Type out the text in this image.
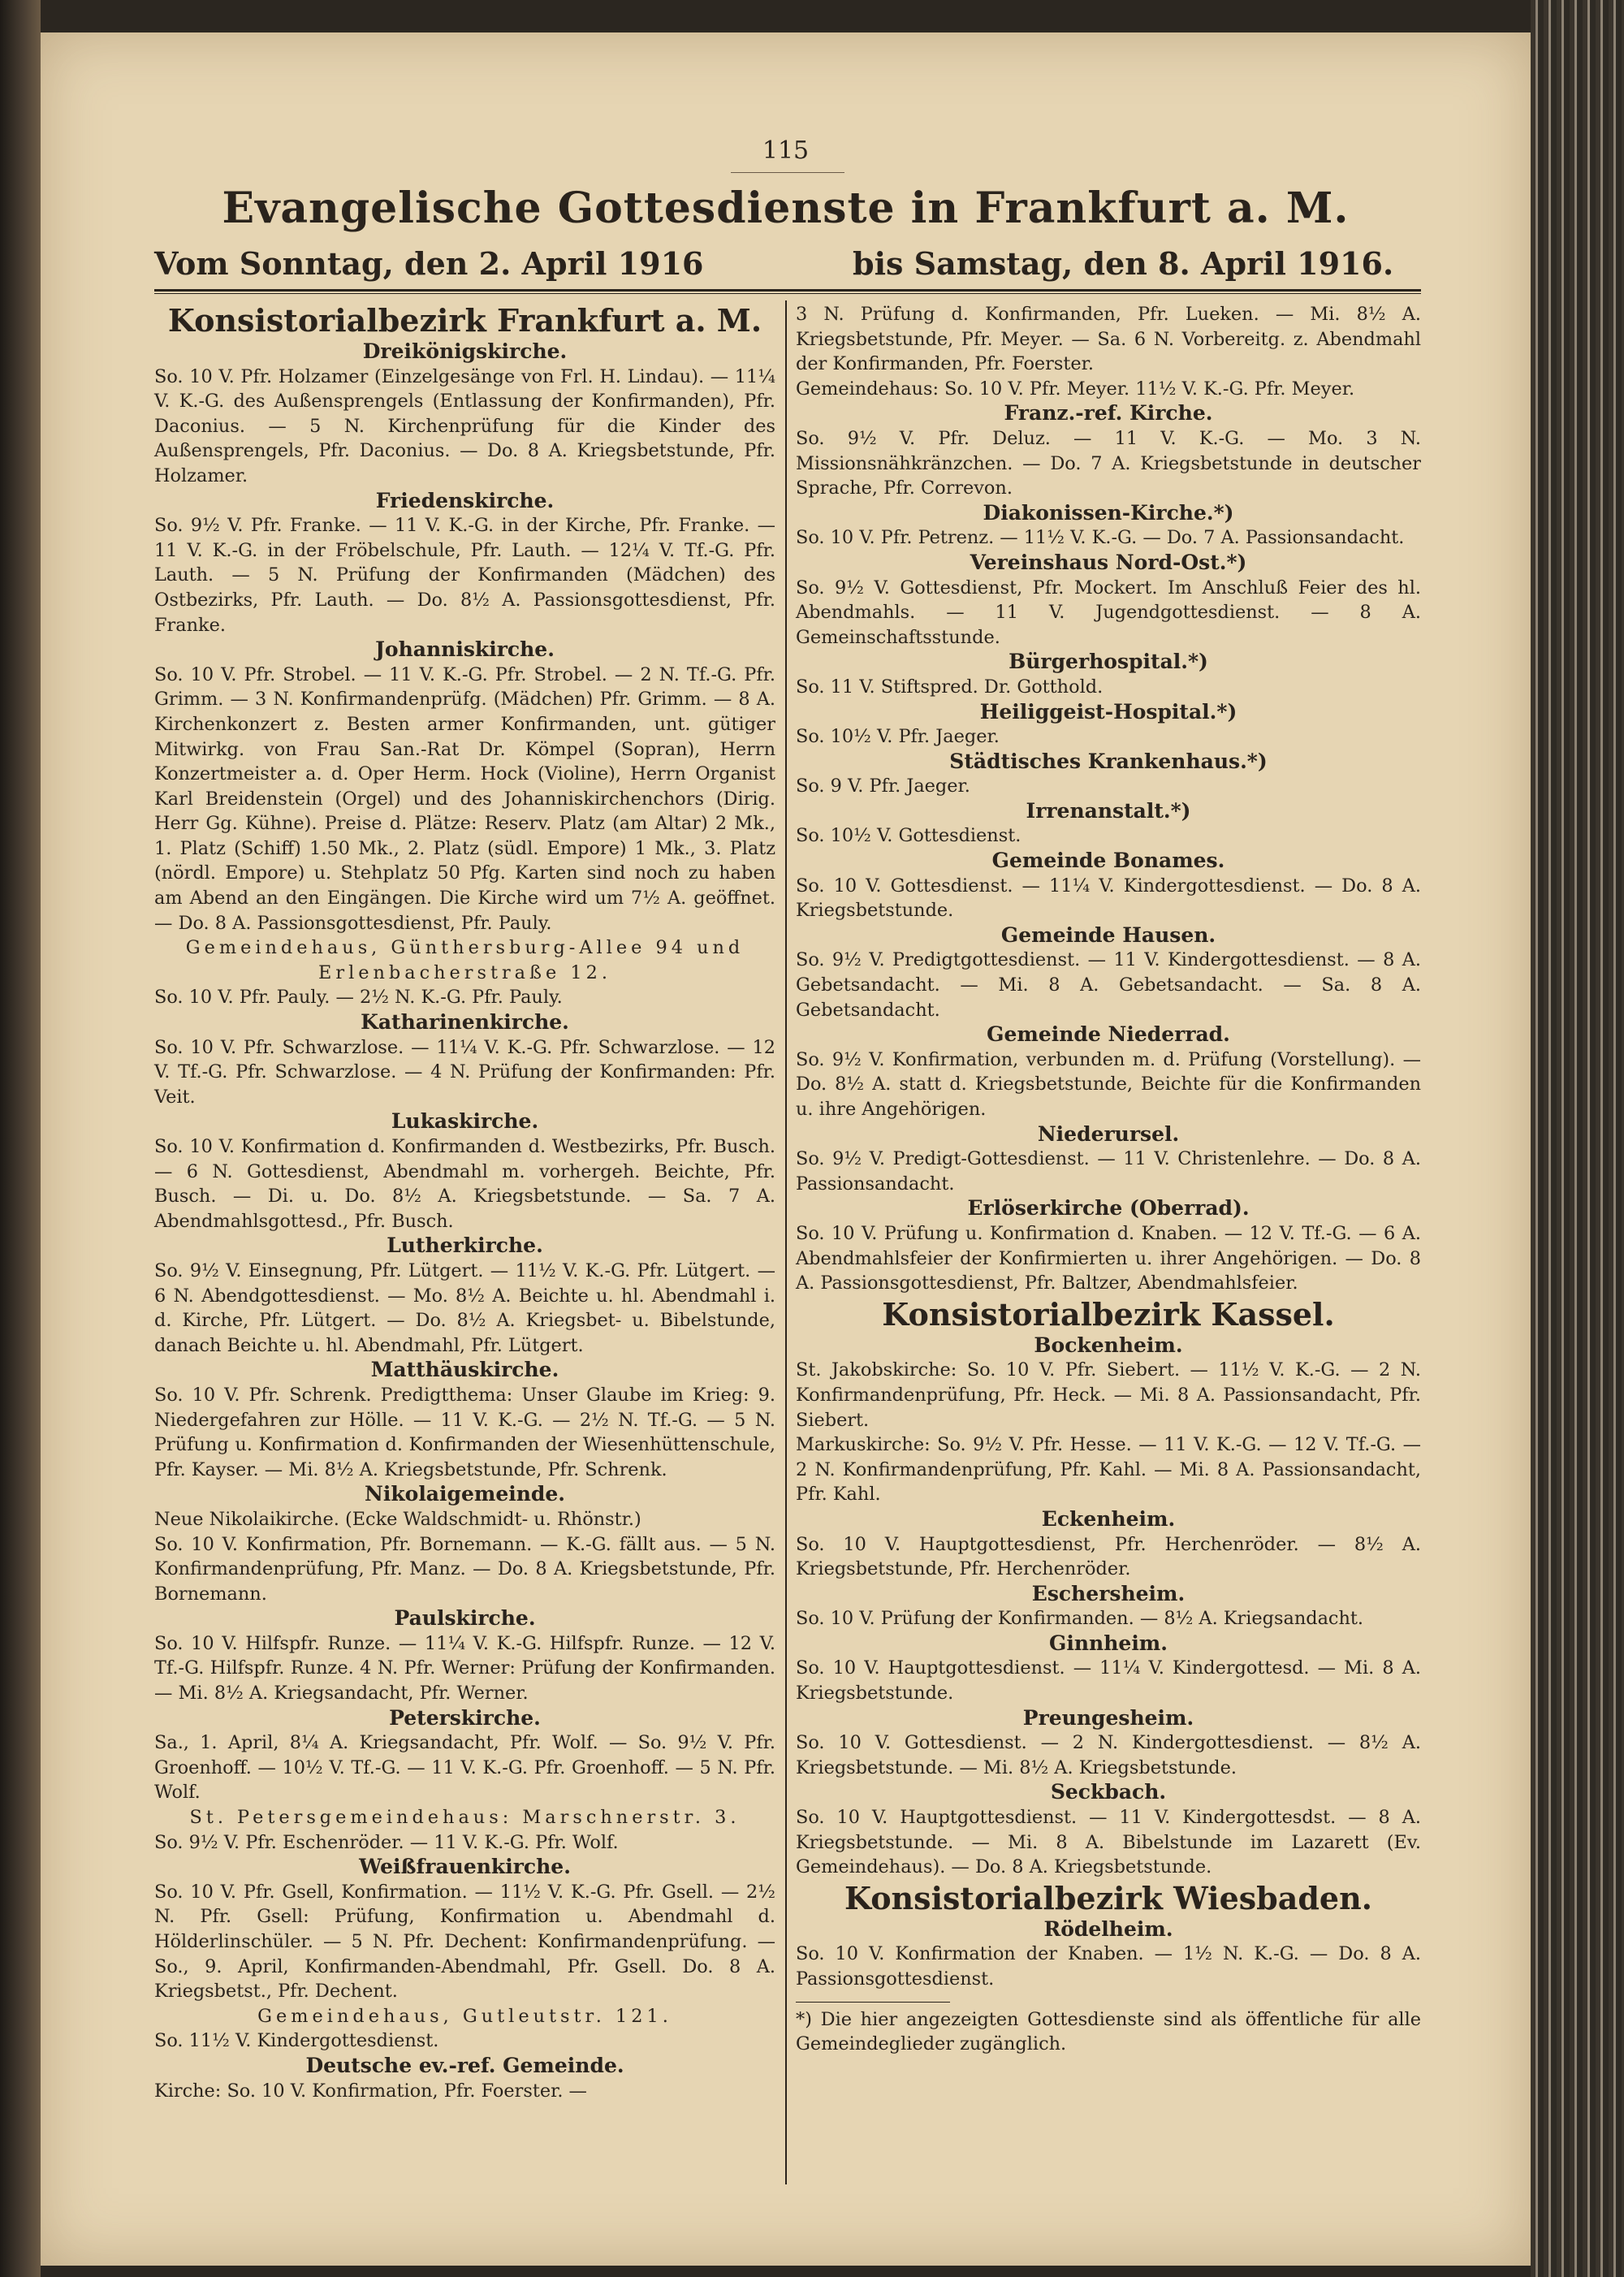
115
Evangelische Gottesdienste in Frankfurt a. M.
Vom Sonntag, den 2. April 1916	bis Samstag, den 8. April 1916.

Konsistorialbezirk Frankfurt a. M.

Dreikönigskirche.

So. 10 V. Pfr. Holzamer (Einzelgesänge von Frl. H. Lindau). — 11¼ V. K.-G. des Außensprengels (Entlassung der Konfirmanden), Pfr. Daconius. — 5 N. Kirchenprüfung für die Kinder des Außensprengels, Pfr. Daconius. — Do. 8 A. Kriegsbetstunde, Pfr. Holzamer.

Friedenskirche.

So. 9½ V. Pfr. Franke. — 11 V. K.-G. in der Kirche, Pfr. Franke. — 11 V. K.-G. in der Fröbelschule, Pfr. Lauth. — 12¼ V. Tf.-G. Pfr. Lauth. — 5 N. Prüfung der Konfirmanden (Mädchen) des Ostbezirks, Pfr. Lauth. — Do. 8½ A. Passionsgottesdienst, Pfr. Franke.

Johanniskirche.

So. 10 V. Pfr. Strobel. — 11 V. K.-G. Pfr. Strobel. — 2 N. Tf.-G. Pfr. Grimm. — 3 N. Konfirmandenprüfg. (Mädchen) Pfr. Grimm. — 8 A. Kirchenkonzert z. Besten armer Konfirmanden, unt. gütiger Mitwirkg. von Frau San.-Rat Dr. Kömpel (Sopran), Herrn Konzertmeister a. d. Oper Herm. Hock (Violine), Herrn Organist Karl Breidenstein (Orgel) und des Johanniskirchenchors (Dirig. Herr Gg. Kühne). Preise d. Plätze: Reserv. Platz (am Altar) 2 Mk., 1. Platz (Schiff) 1.50 Mk., 2. Platz (südl. Empore) 1 Mk., 3. Platz (nördl. Empore) u. Stehplatz 50 Pfg. Karten sind noch zu haben am Abend an den Eingängen. Die Kirche wird um 7½ A. geöffnet. — Do. 8 A. Passionsgottesdienst, Pfr. Pauly.

Gemeindehaus, Günthersburg-Allee 94 und Erlenbacherstraße 12.

So. 10 V. Pfr. Pauly. — 2½ N. K.-G. Pfr. Pauly.

Katharinenkirche.

So. 10 V. Pfr. Schwarzlose. — 11¼ V. K.-G. Pfr. Schwarzlose. — 12 V. Tf.-G. Pfr. Schwarzlose. — 4 N. Prüfung der Konfirmanden: Pfr. Veit.

Lukaskirche.

So. 10 V. Konfirmation d. Konfirmanden d. Westbezirks, Pfr. Busch. — 6 N. Gottesdienst, Abendmahl m. vorhergeh. Beichte, Pfr. Busch. — Di. u. Do. 8½ A. Kriegsbetstunde. — Sa. 7 A. Abendmahlsgottesd., Pfr. Busch.

Lutherkirche.

So. 9½ V. Einsegnung, Pfr. Lütgert. — 11½ V. K.-G. Pfr. Lütgert. — 6 N. Abendgottesdienst. — Mo. 8½ A. Beichte u. hl. Abendmahl i. d. Kirche, Pfr. Lütgert. — Do. 8½ A. Kriegsbet- u. Bibelstunde, danach Beichte u. hl. Abendmahl, Pfr. Lütgert.

Matthäuskirche.

So. 10 V. Pfr. Schrenk. Predigtthema: Unser Glaube im Krieg: 9. Niedergefahren zur Hölle. — 11 V. K.-G. — 2½ N. Tf.-G. — 5 N. Prüfung u. Konfirmation d. Konfirmanden der Wiesenhüttenschule, Pfr. Kayser. — Mi. 8½ A. Kriegsbetstunde, Pfr. Schrenk.

Nikolaigemeinde.

Neue Nikolaikirche. (Ecke Waldschmidt- u. Rhönstr.)

So. 10 V. Konfirmation, Pfr. Bornemann. — K.-G. fällt aus. — 5 N. Konfirmandenprüfung, Pfr. Manz. — Do. 8 A. Kriegsbetstunde, Pfr. Bornemann.

Paulskirche.

So. 10 V. Hilfspfr. Runze. — 11¼ V. K.-G. Hilfspfr. Runze. — 12 V. Tf.-G. Hilfspfr. Runze. 4 N. Pfr. Werner: Prüfung der Konfirmanden. — Mi. 8½ A. Kriegsandacht, Pfr. Werner.

Peterskirche.

Sa., 1. April, 8¼ A. Kriegsandacht, Pfr. Wolf. — So. 9½ V. Pfr. Groenhoff. — 10½ V. Tf.-G. — 11 V. K.-G. Pfr. Groenhoff. — 5 N. Pfr. Wolf.

St. Petersgemeindehaus: Marschnerstr. 3.

So. 9½ V. Pfr. Eschenröder. — 11 V. K.-G. Pfr. Wolf.

Weißfrauenkirche.

So. 10 V. Pfr. Gsell, Konfirmation. — 11½ V. K.-G. Pfr. Gsell. — 2½ N. Pfr. Gsell: Prüfung, Konfirmation u. Abendmahl d. Hölderlinschüler. — 5 N. Pfr. Dechent: Konfirmandenprüfung. — So., 9. April, Konfirmanden-Abendmahl, Pfr. Gsell. Do. 8 A. Kriegsbetst., Pfr. Dechent.

Gemeindehaus, Gutleutstr. 121.

So. 11½ V. Kindergottesdienst.

Deutsche ev.-ref. Gemeinde.

Kirche: So. 10 V. Konfirmation, Pfr. Foerster. —

3 N. Prüfung d. Konfirmanden, Pfr. Lueken. — Mi. 8½ A. Kriegsbetstunde, Pfr. Meyer. — Sa. 6 N. Vorbereitg. z. Abendmahl der Konfirmanden, Pfr. Foerster.

Gemeindehaus: So. 10 V. Pfr. Meyer. 11½ V. K.-G. Pfr. Meyer.

Franz.-ref. Kirche.

So. 9½ V. Pfr. Deluz. — 11 V. K.-G. — Mo. 3 N. Missionsnähkränzchen. — Do. 7 A. Kriegsbetstunde in deutscher Sprache, Pfr. Correvon.

Diakonissen-Kirche.*)

So. 10 V. Pfr. Petrenz. — 11½ V. K.-G. — Do. 7 A. Passionsandacht.

Vereinshaus Nord-Ost.*)

So. 9½ V. Gottesdienst, Pfr. Mockert. Im Anschluß Feier des hl. Abendmahls. — 11 V. Jugendgottesdienst. — 8 A. Gemeinschaftsstunde.

Bürgerhospital.*)

So. 11 V. Stiftspred. Dr. Gotthold.

Heiliggeist-Hospital.*)

So. 10½ V. Pfr. Jaeger.

Städtisches Krankenhaus.*)

So. 9 V. Pfr. Jaeger.

Irrenanstalt.*)

So. 10½ V. Gottesdienst.

Gemeinde Bonames.

So. 10 V. Gottesdienst. — 11¼ V. Kindergottesdienst. — Do. 8 A. Kriegsbetstunde.

Gemeinde Hausen.

So. 9½ V. Predigtgottesdienst. — 11 V. Kindergottesdienst. — 8 A. Gebetsandacht. — Mi. 8 A. Gebetsandacht. — Sa. 8 A. Gebetsandacht.

Gemeinde Niederrad.

So. 9½ V. Konfirmation, verbunden m. d. Prüfung (Vorstellung). — Do. 8½ A. statt d. Kriegsbetstunde, Beichte für die Konfirmanden u. ihre Angehörigen.

Niederursel.

So. 9½ V. Predigt-Gottesdienst. — 11 V. Christenlehre. — Do. 8 A. Passionsandacht.

Erlöserkirche (Oberrad).

So. 10 V. Prüfung u. Konfirmation d. Knaben. — 12 V. Tf.-G. — 6 A. Abendmahlsfeier der Konfirmierten u. ihrer Angehörigen. — Do. 8 A. Passionsgottesdienst, Pfr. Baltzer, Abendmahlsfeier.

Konsistorialbezirk Kassel.

Bockenheim.

St. Jakobskirche: So. 10 V. Pfr. Siebert. — 11½ V. K.-G. — 2 N. Konfirmandenprüfung, Pfr. Heck. — Mi. 8 A. Passionsandacht, Pfr. Siebert.

Markuskirche: So. 9½ V. Pfr. Hesse. — 11 V. K.-G. — 12 V. Tf.-G. — 2 N. Konfirmandenprüfung, Pfr. Kahl. — Mi. 8 A. Passionsandacht, Pfr. Kahl.

Eckenheim.

So. 10 V. Hauptgottesdienst, Pfr. Herchenröder. — 8½ A. Kriegsbetstunde, Pfr. Herchenröder.

Eschersheim.

So. 10 V. Prüfung der Konfirmanden. — 8½ A. Kriegsandacht.

Ginnheim.

So. 10 V. Hauptgottesdienst. — 11¼ V. Kindergottesd. — Mi. 8 A. Kriegsbetstunde.

Preungesheim.

So. 10 V. Gottesdienst. — 2 N. Kindergottesdienst. — 8½ A. Kriegsbetstunde. — Mi. 8½ A. Kriegsbetstunde.

Seckbach.

So. 10 V. Hauptgottesdienst. — 11 V. Kindergottesdst. — 8 A. Kriegsbetstunde. — Mi. 8 A. Bibelstunde im Lazarett (Ev. Gemeindehaus). — Do. 8 A. Kriegsbetstunde.

Konsistorialbezirk Wiesbaden.

Rödelheim.

So. 10 V. Konfirmation der Knaben. — 1½ N. K.-G. — Do. 8 A. Passionsgottesdienst.

*) Die hier angezeigten Gottesdienste sind als öffentliche für alle Gemeindeglieder zugänglich.
